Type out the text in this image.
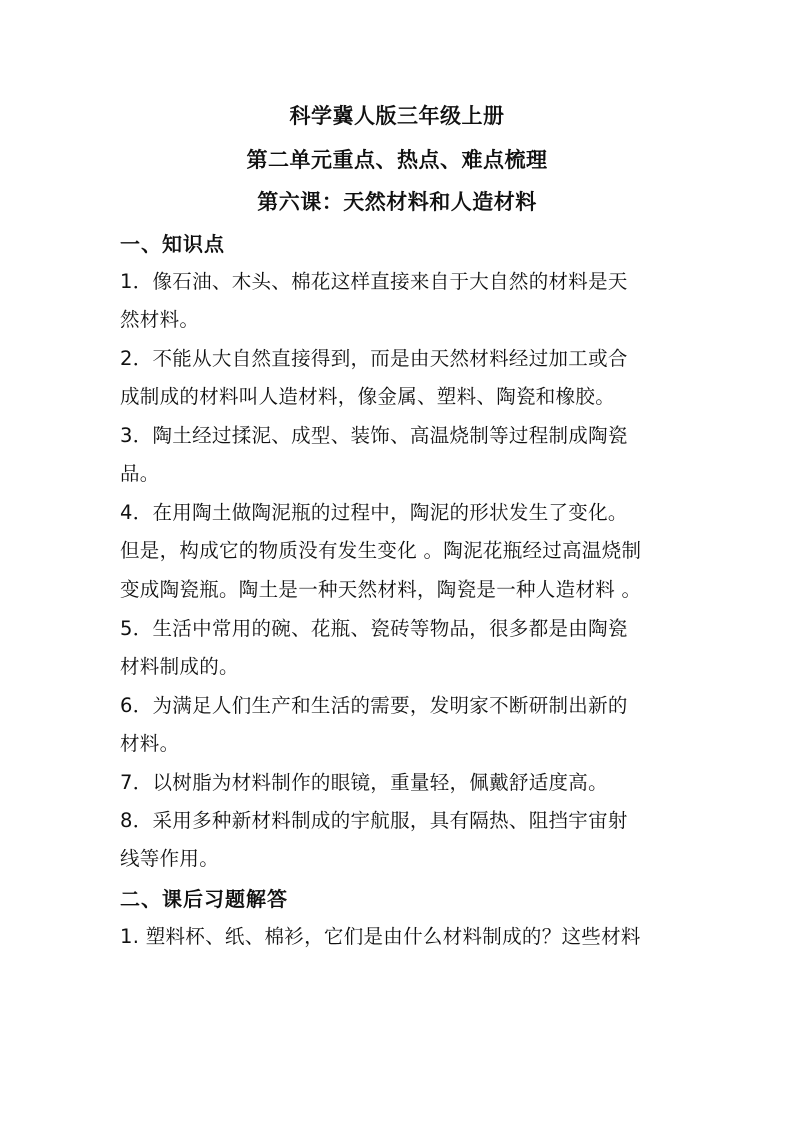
科学冀人版三年级上册
第二单元重点、热点、难点梳理
第六课：天然材料和人造材料
一、知识点
1．像石油、木头、棉花这样直接来自于大自然的材料是天
然材料。
2．不能从大自然直接得到，而是由天然材料经过加工或合
成制成的材料叫人造材料，像金属、塑料、陶瓷和橡胶。
3．陶土经过揉泥、成型、装饰、高温烧制等过程制成陶瓷
品。
4．在用陶土做陶泥瓶的过程中，陶泥的形状发生了变化。
但是，构成它的物质没有发生变化 。陶泥花瓶经过高温烧制
变成陶瓷瓶。陶土是一种天然材料，陶瓷是一种人造材料 。
5．生活中常用的碗、花瓶、瓷砖等物品，很多都是由陶瓷
材料制成的。
6．为满足人们生产和生活的需要，发明家不断研制出新的
材料。
7．以树脂为材料制作的眼镜，重量轻，佩戴舒适度高。
8．采用多种新材料制成的宇航服，具有隔热、阻挡宇宙射
线等作用。
二、课后习题解答
1. 塑料杯、纸、棉衫，它们是由什么材料制成的？这些材料
